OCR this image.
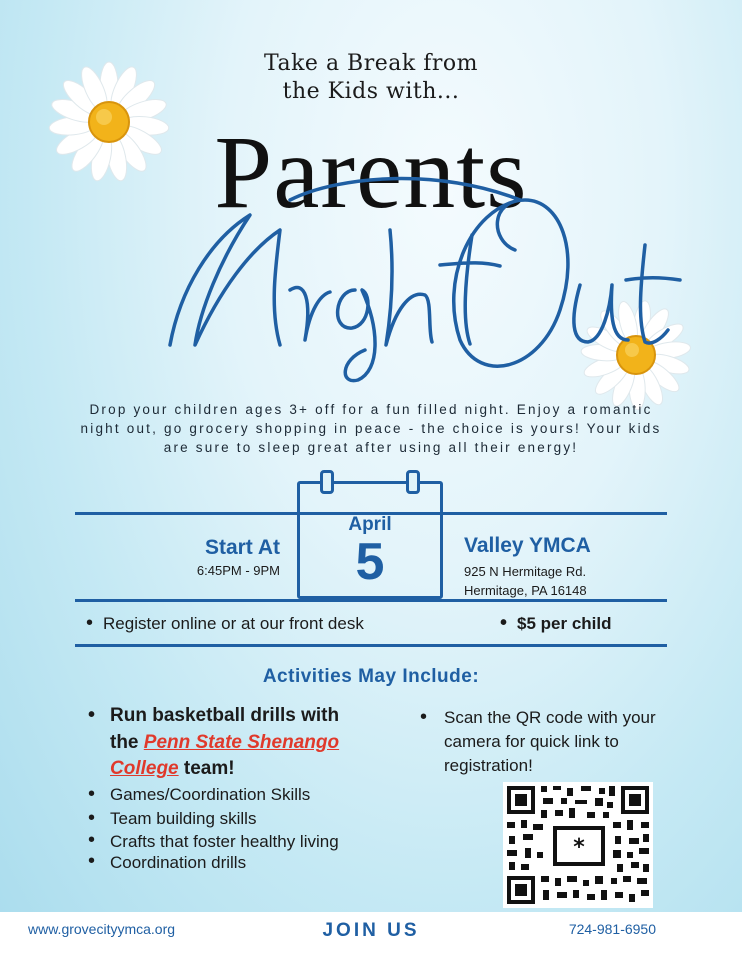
Take a Break from
the Kids with...
Parents
Drop your children ages 3+ off for a fun filled night. Enjoy a romantic night out, go grocery shopping in peace - the choice is yours! Your kids are sure to sleep great after using all their energy!
Start At
6:45PM - 9PM
April
5	Valley YMCA
925 N Hermitage Rd.
Hermitage, PA 16148
• Register online or at our front desk	• $5 per child
Activities May Include:
• Run basketball drills with the Penn State Shenango College team!
• Games/Coordination Skills
• Team building skills
• Crafts that foster healthy living
• Coordination drills
• Scan the QR code with your camera for quick link to registration!
*
www.grovecityymca.org	JOIN US	724-981-6950
